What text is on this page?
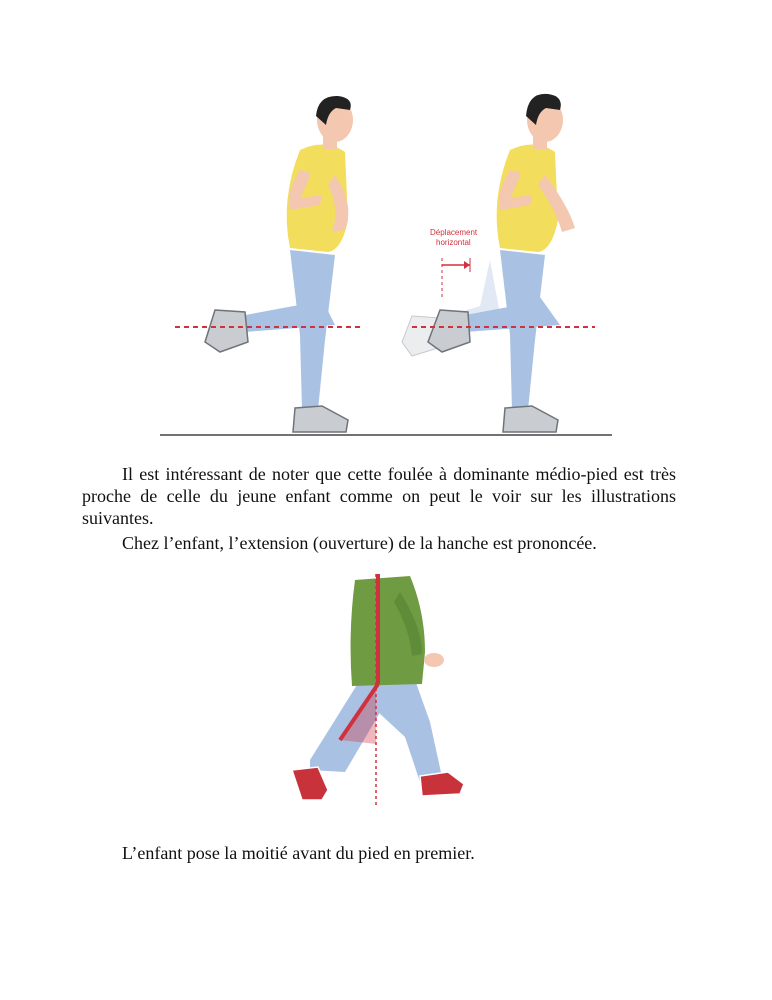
Déplacement
horizontal

Il est intéressant de noter que cette foulée à dominante médio-pied est très proche de celle du jeune enfant comme on peut le voir sur les illustrations suivantes.

Chez l’enfant, l’extension (ouverture) de la hanche est prononcée.

L’enfant pose la moitié avant du pied en premier.
